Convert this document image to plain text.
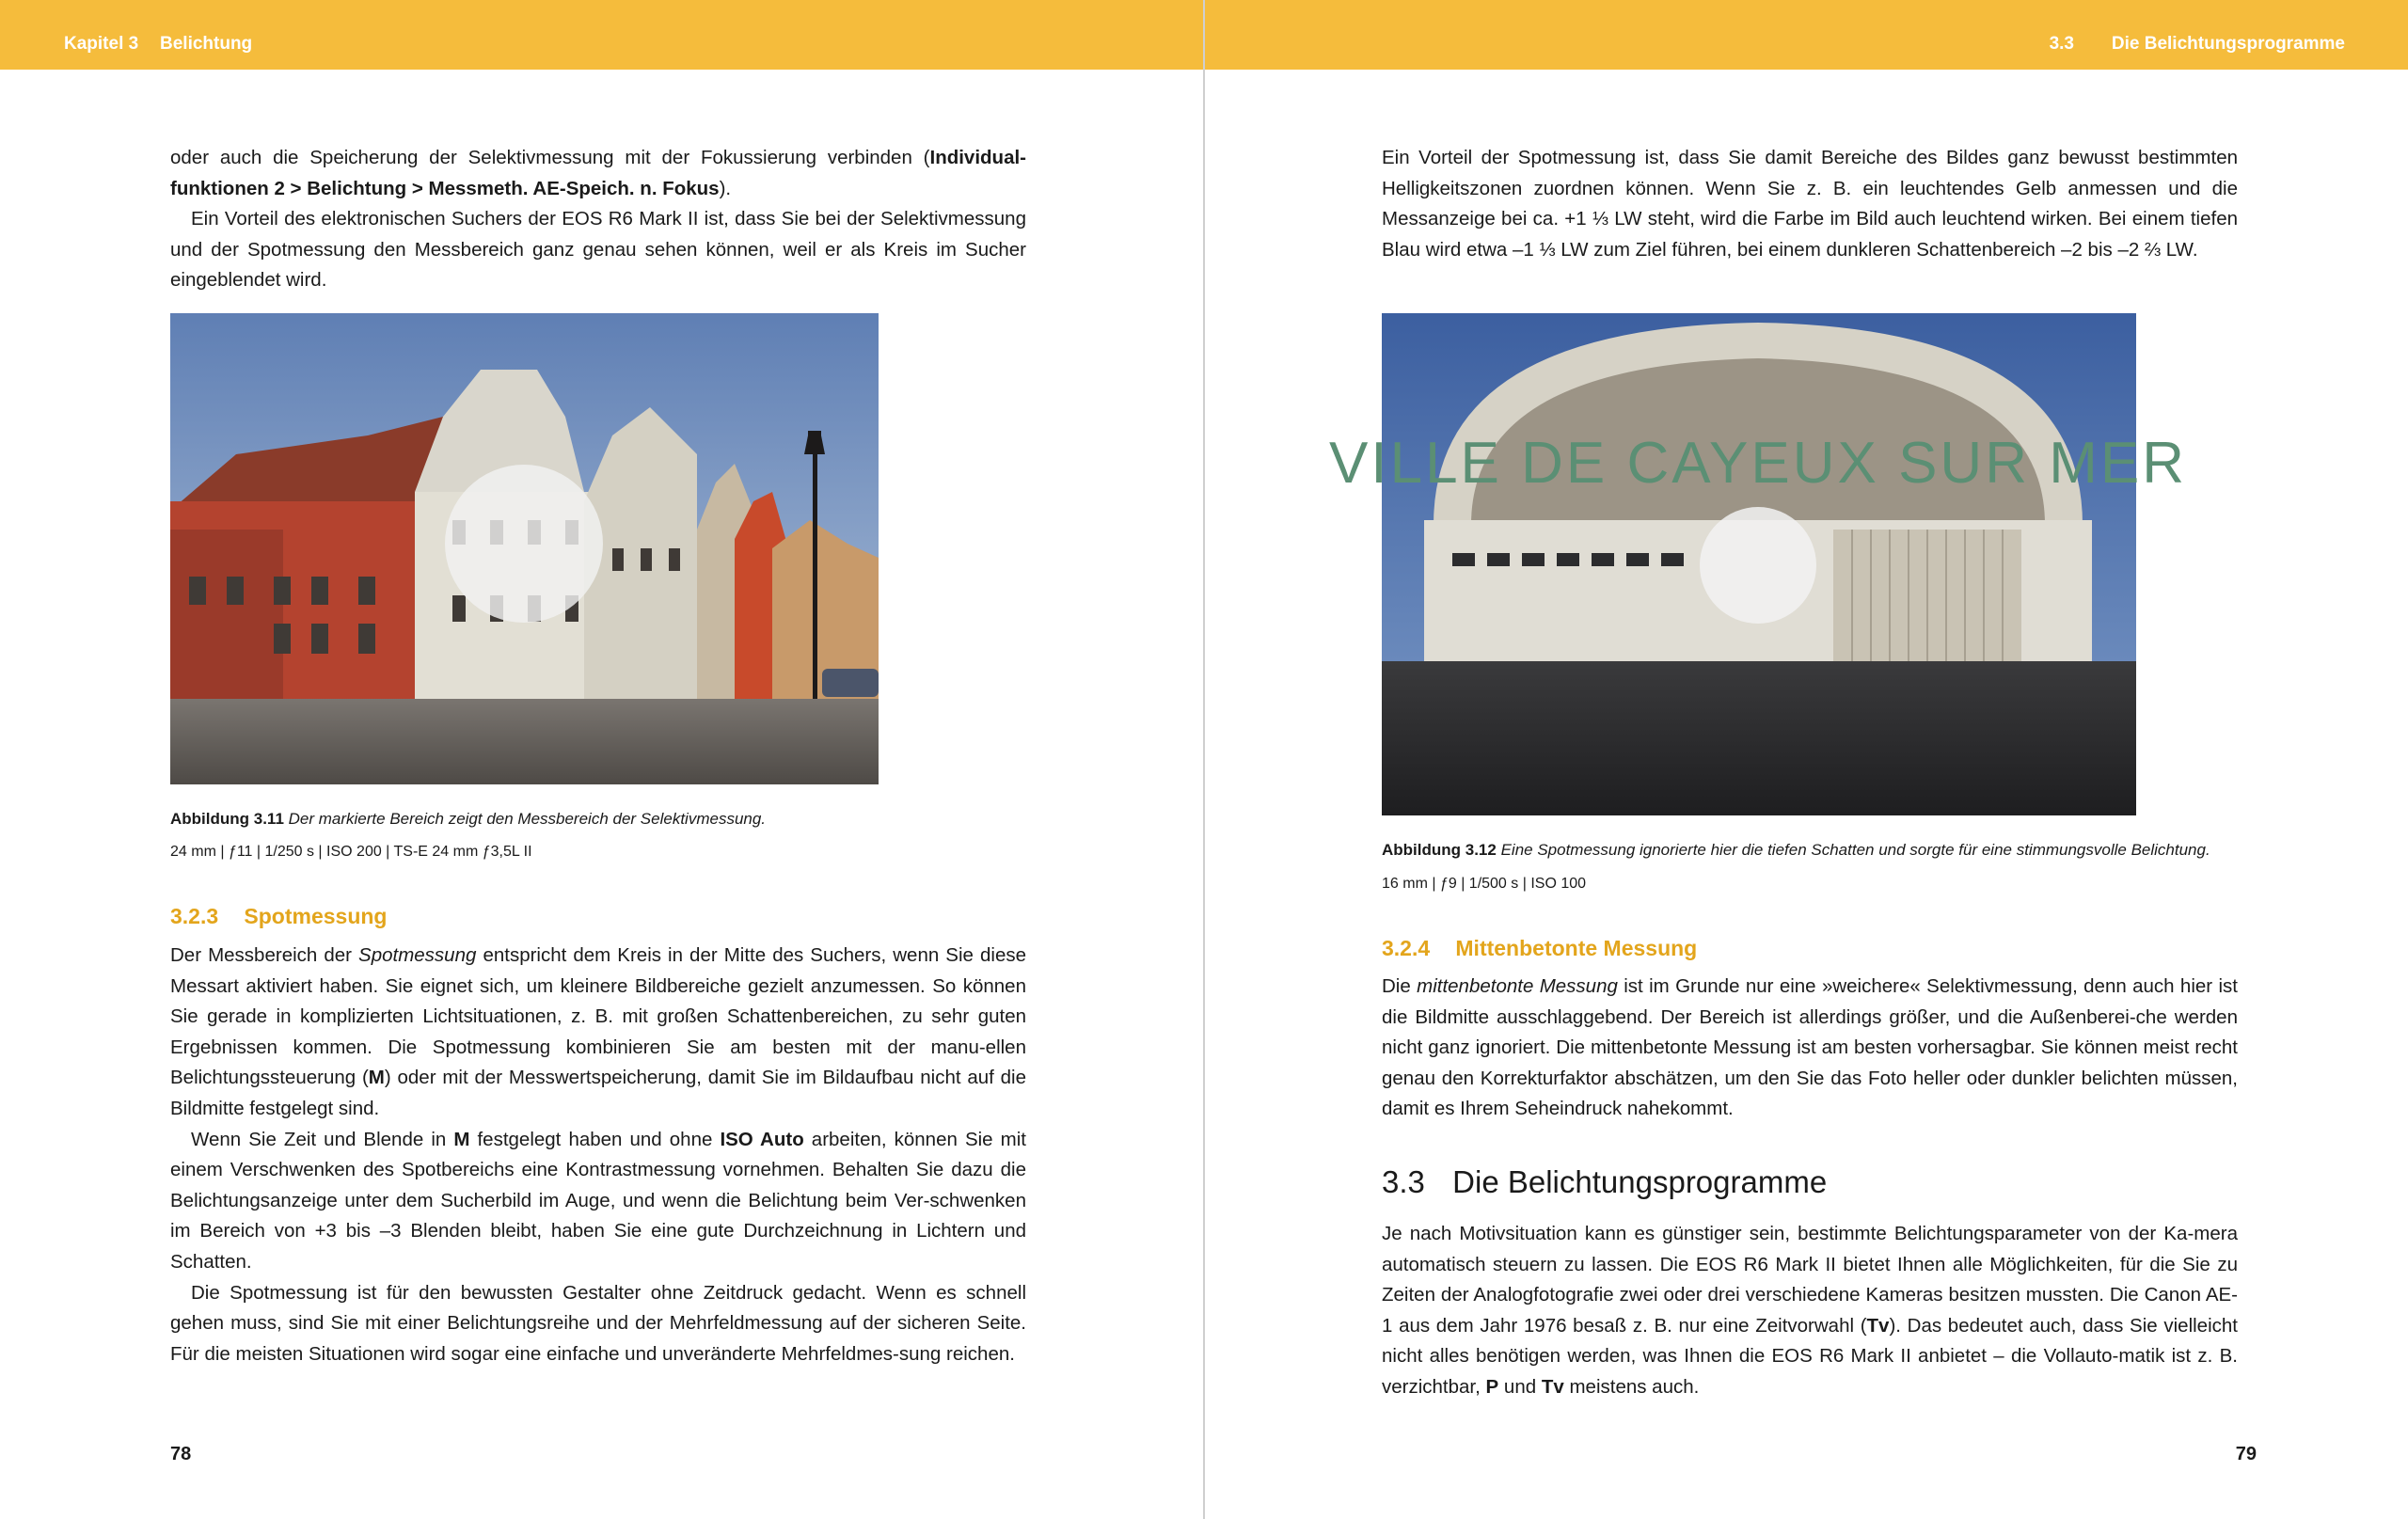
Kapitel 3 Belichtung

oder auch die Speicherung der Selektivmessung mit der Fokussierung verbinden (Individual-funktionen 2 > Belichtung > Messmeth. AE-Speich. n. Fokus).

Ein Vorteil des elektronischen Suchers der EOS R6 Mark II ist, dass Sie bei der Selektivmessung und der Spotmessung den Messbereich ganz genau sehen können, weil er als Kreis im Sucher eingeblendet wird.

Abbildung 3.11 Der markierte Bereich zeigt den Messbereich der Selektivmessung.
24 mm | ƒ11 | 1/250 s | ISO 200 | TS-E 24 mm ƒ3,5L II
3.2.3 Spotmessung

Der Messbereich der Spotmessung entspricht dem Kreis in der Mitte des Suchers, wenn Sie diese Messart aktiviert haben. Sie eignet sich, um kleinere Bildbereiche gezielt anzumessen. So können Sie gerade in komplizierten Lichtsituationen, z. B. mit großen Schattenbereichen, zu sehr guten Ergebnissen kommen. Die Spotmessung kombinieren Sie am besten mit der manu-ellen Belichtungssteuerung (M) oder mit der Messwertspeicherung, damit Sie im Bildaufbau nicht auf die Bildmitte festgelegt sind.

Wenn Sie Zeit und Blende in M festgelegt haben und ohne ISO Auto arbeiten, können Sie mit einem Verschwenken des Spotbereichs eine Kontrastmessung vornehmen. Behalten Sie dazu die Belichtungsanzeige unter dem Sucherbild im Auge, und wenn die Belichtung beim Ver-schwenken im Bereich von +3 bis –3 Blenden bleibt, haben Sie eine gute Durchzeichnung in Lichtern und Schatten.

Die Spotmessung ist für den bewussten Gestalter ohne Zeitdruck gedacht. Wenn es schnell gehen muss, sind Sie mit einer Belichtungsreihe und der Mehrfeldmessung auf der sicheren Seite. Für die meisten Situationen wird sogar eine einfache und unveränderte Mehrfeldmes-sung reichen.

78
3.3 Die Belichtungsprogramme

Ein Vorteil der Spotmessung ist, dass Sie damit Bereiche des Bildes ganz bewusst bestimmten Helligkeitszonen zuordnen können. Wenn Sie z. B. ein leuchtendes Gelb anmessen und die Messanzeige bei ca. +1 ⅓ LW steht, wird die Farbe im Bild auch leuchtend wirken. Bei einem tiefen Blau wird etwa –1 ⅓ LW zum Ziel führen, bei einem dunkleren Schattenbereich –2 bis –2 ⅔ LW.

VILLE DE CAYEUX SUR MER
Abbildung 3.12 Eine Spotmessung ignorierte hier die tiefen Schatten und sorgte für eine stimmungsvolle Belichtung.
16 mm | ƒ9 | 1/500 s | ISO 100
3.2.4 Mittenbetonte Messung

Die mittenbetonte Messung ist im Grunde nur eine »weichere« Selektivmessung, denn auch hier ist die Bildmitte ausschlaggebend. Der Bereich ist allerdings größer, und die Außenberei-che werden nicht ganz ignoriert. Die mittenbetonte Messung ist am besten vorhersagbar. Sie können meist recht genau den Korrekturfaktor abschätzen, um den Sie das Foto heller oder dunkler belichten müssen, damit es Ihrem Seheindruck nahekommt.

3.3 Die Belichtungsprogramme

Je nach Motivsituation kann es günstiger sein, bestimmte Belichtungsparameter von der Ka-mera automatisch steuern zu lassen. Die EOS R6 Mark II bietet Ihnen alle Möglichkeiten, für die Sie zu Zeiten der Analogfotografie zwei oder drei verschiedene Kameras besitzen mussten. Die Canon AE-1 aus dem Jahr 1976 besaß z. B. nur eine Zeitvorwahl (Tv). Das bedeutet auch, dass Sie vielleicht nicht alles benötigen werden, was Ihnen die EOS R6 Mark II anbietet – die Vollauto-matik ist z. B. verzichtbar, P und Tv meistens auch.

79
